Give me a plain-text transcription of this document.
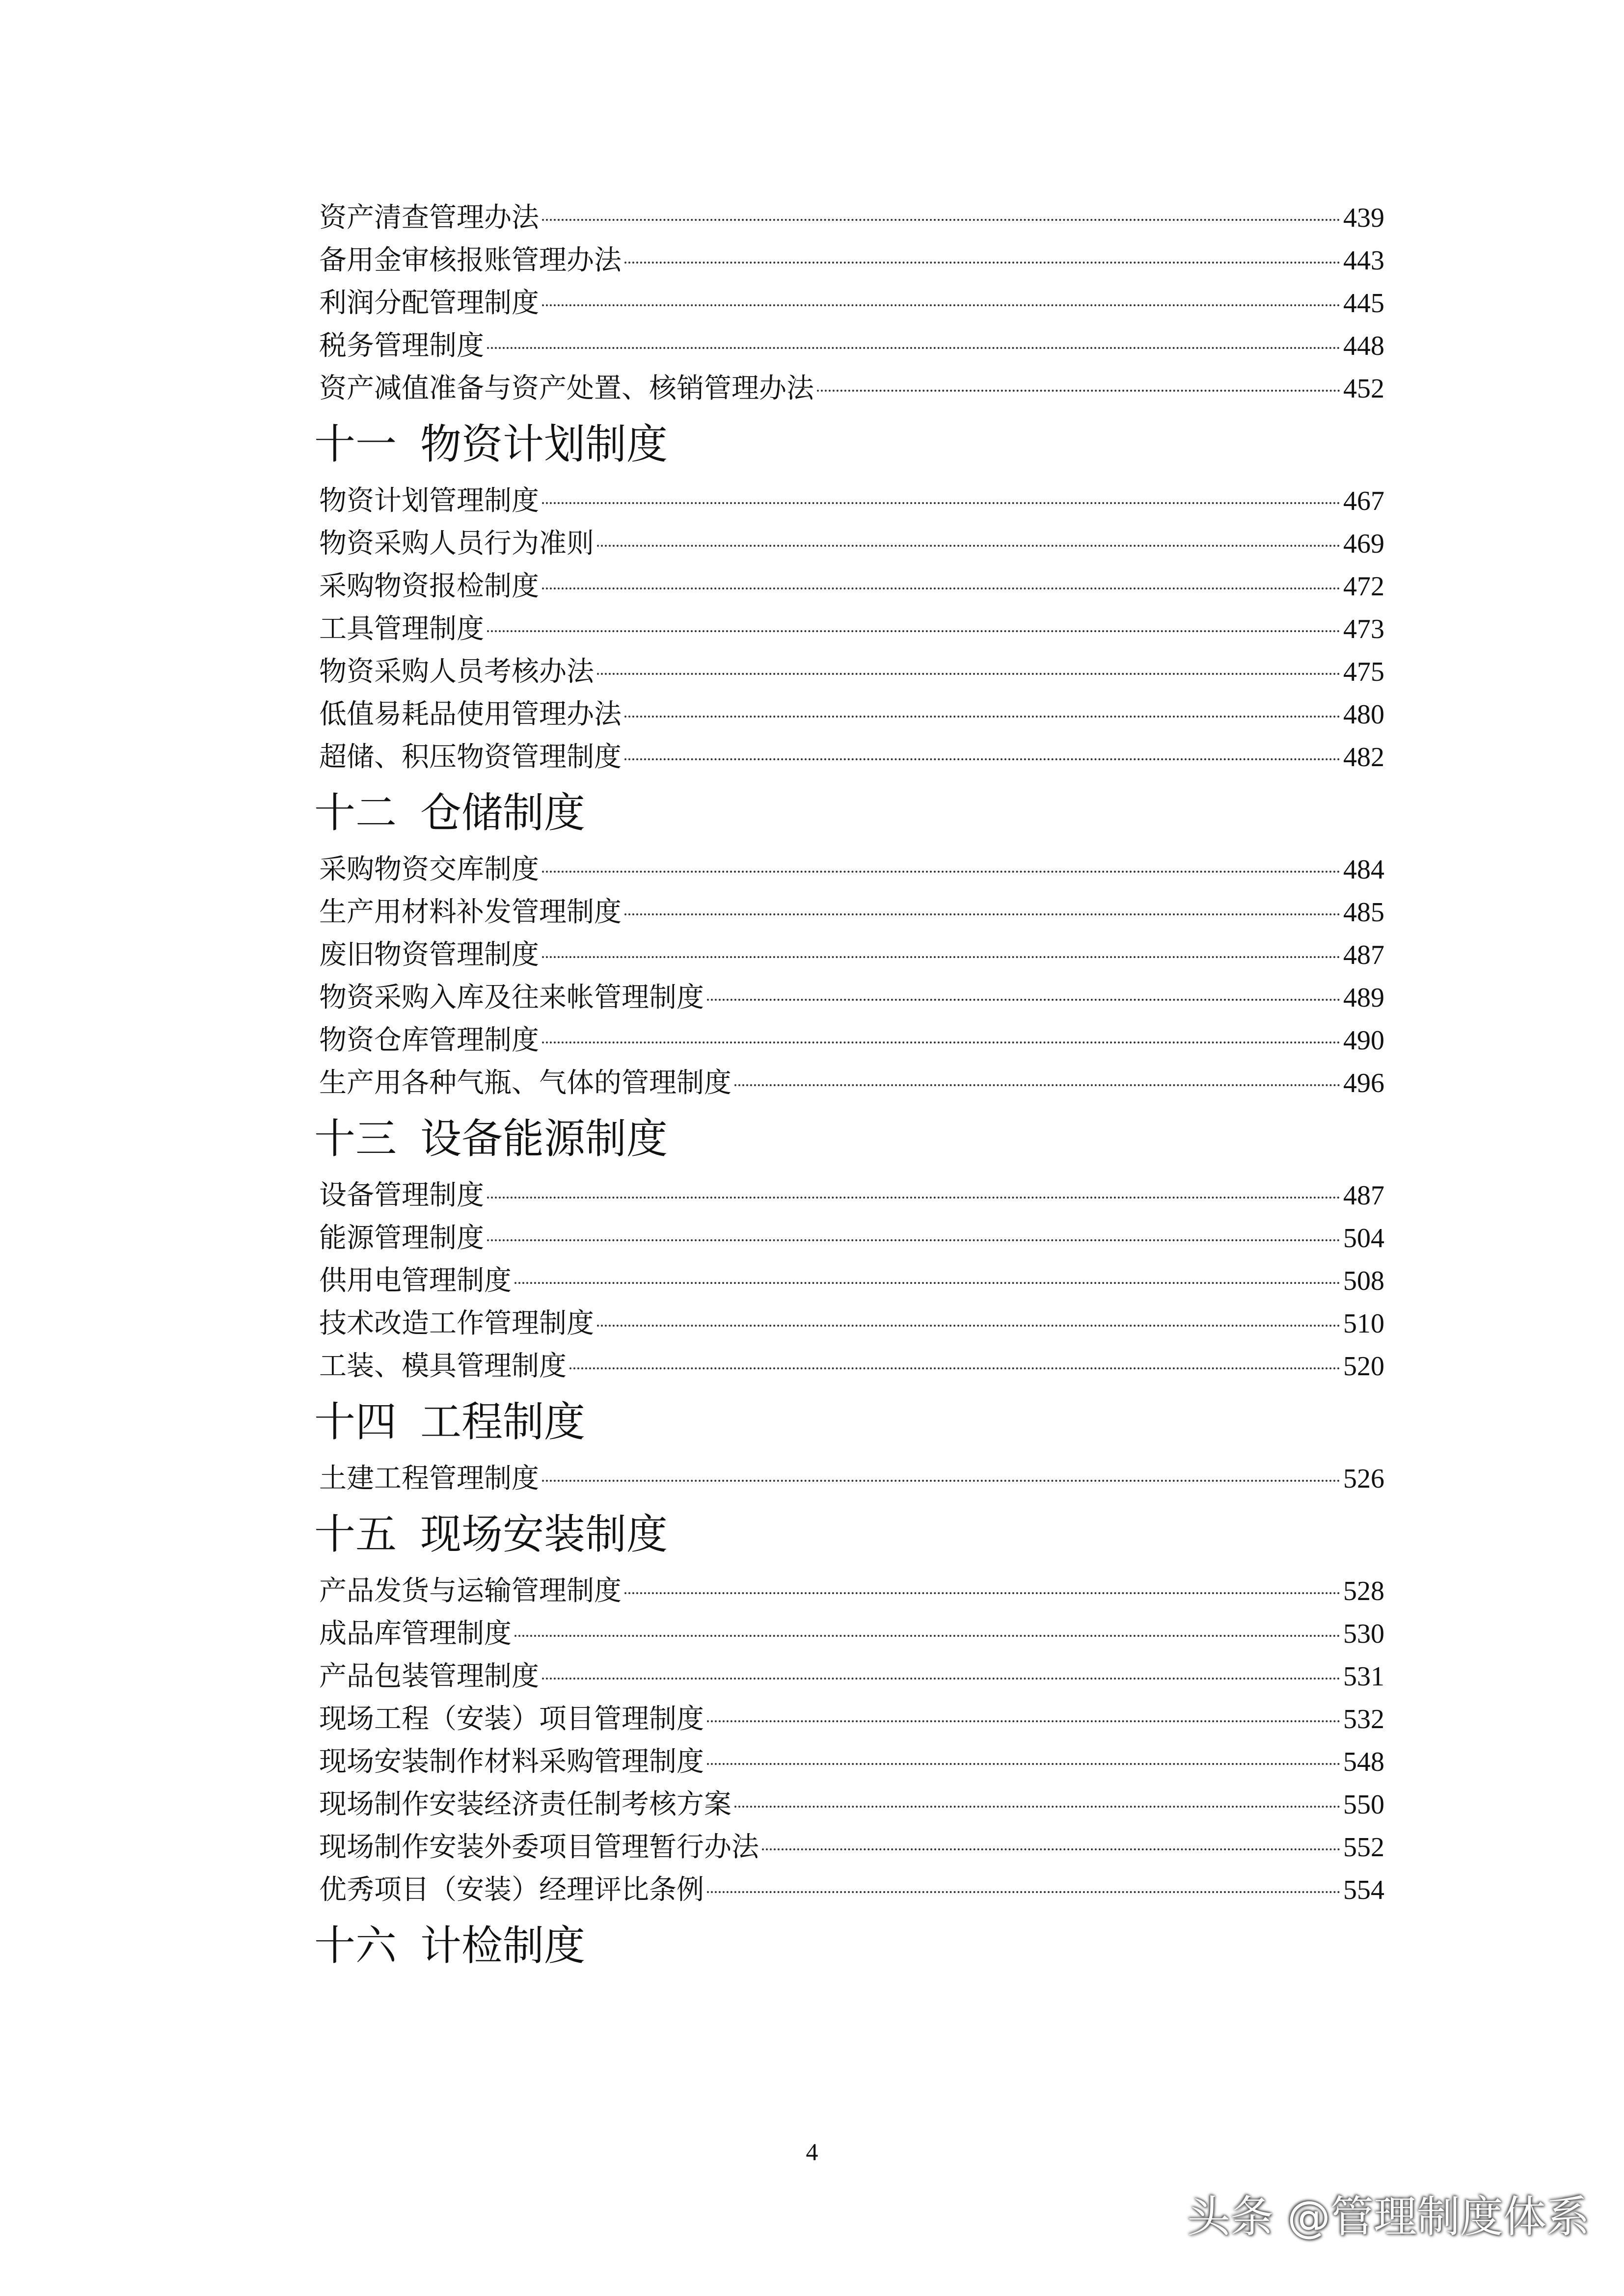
资产清查管理办法	439
备用金审核报账管理办法	443
利润分配管理制度	445
税务管理制度	448
资产减值准备与资产处置、核销管理办法	452
十一 物资计划制度
物资计划管理制度	467
物资采购人员行为准则	469
采购物资报检制度	472
工具管理制度	473
物资采购人员考核办法	475
低值易耗品使用管理办法	480
超储、积压物资管理制度	482
十二 仓储制度
采购物资交库制度	484
生产用材料补发管理制度	485
废旧物资管理制度	487
物资采购入库及往来帐管理制度	489
物资仓库管理制度	490
生产用各种气瓶、气体的管理制度	496
十三 设备能源制度
设备管理制度	487
能源管理制度	504
供用电管理制度	508
技术改造工作管理制度	510
工装、模具管理制度	520
十四 工程制度
土建工程管理制度	526
十五 现场安装制度
产品发货与运输管理制度	528
成品库管理制度	530
产品包装管理制度	531
现场工程（安装）项目管理制度	532
现场安装制作材料采购管理制度	548
现场制作安装经济责任制考核方案	550
现场制作安装外委项目管理暂行办法	552
优秀项目（安装）经理评比条例	554
十六 计检制度
4
头条 @管理制度体系
